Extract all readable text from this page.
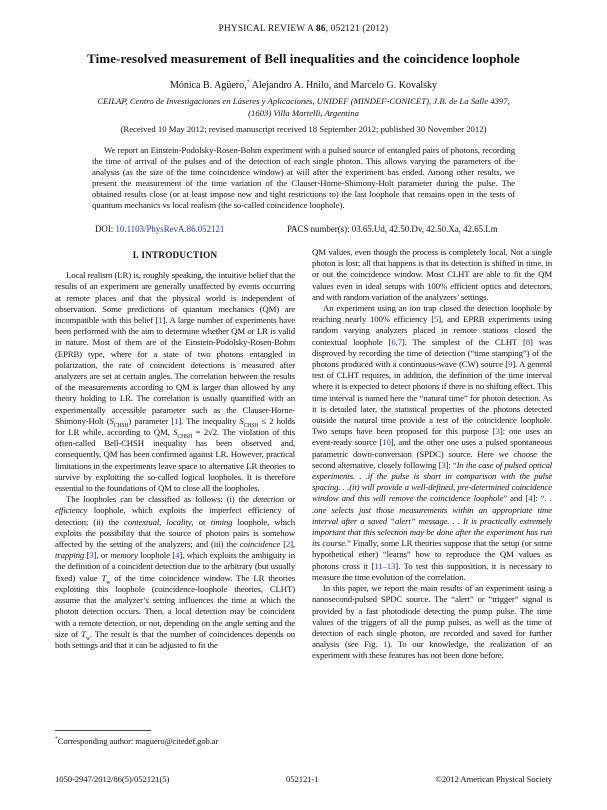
PHYSICAL REVIEW A 86, 052121 (2012)
Time-resolved measurement of Bell inequalities and the coincidence loophole
Mónica B. Agüero,* Alejandro A. Hnilo, and Marcelo G. Kovalsky
CEILAP, Centro de Investigaciones en Láseres y Aplicaciones, UNIDEF (MINDEF-CONICET), J.B. de La Salle 4397,
(1603) Villa Martelli, Argentina
(Received 10 May 2012; revised manuscript received 18 September 2012; published 30 November 2012)
We report an Einstein-Podolsky-Rosen-Bohm experiment with a pulsed source of entangled pairs of photons, recording the time of arrival of the pulses and of the detection of each single photon. This allows varying the parameters of the analysis (as the size of the time coincidence window) at will after the experiment has ended. Among other results, we present the measurement of the time variation of the Clauser-Horne-Shimony-Holt parameter during the pulse. The obtained results close (or at least impose new and tight restrictions to) the last loophole that remains open in the tests of quantum mechanics vs local realism (the so-called coincidence loophole).
DOI: 10.1103/PhysRevA.86.052121	PACS number(s): 03.65.Ud, 42.50.Dv, 42.50.Xa, 42.65.Lm
I. INTRODUCTION

Local realism (LR) is, roughly speaking, the intuitive belief that the results of an experiment are generally unaffected by events occurring at remote places and that the physical world is independent of observation. Some predictions of quantum mechanics (QM) are incompatible with this belief [1]. A large number of experiments have been performed with the aim to determine whether QM or LR is valid in nature. Most of them are of the Einstein-Podolsky-Rosen-Bohm (EPRB) type, where for a state of two photons entangled in polarization, the rate of coincident detections is measured after analyzers are set at certain angles. The correlation between the results of the measurements according to QM is larger than allowed by any theory holding to LR. The correlation is usually quantified with an experimentally accessible parameter such as the Clauser-Horne-Shimony-Holt $(S_{CHSH})$ parameter [1]. The inequality $S_{CHSH} \le 2$ holds for LR while, according to QM, $S_{CHSH} = 2√2$. The violation of this often-called Bell-CHSH inequality has been observed and, consequently, QM has been confirmed against LR. However, practical limitations in the experiments leave space to alternative LR theories to survive by exploiting the so-called logical loopholes. It is therefore essential to the foundations of QM to close all the loopholes.

The loopholes can be classified as follows: (i) the detection or efficiency loophole, which exploits the imperfect efficiency of detection; (ii) the contextual, locality, or timing loophole, which exploits the possibility that the source of photon pairs is somehow affected by the setting of the analyzers; and (iii) the coincidence [2], trapping [3], or memory loophole [4], which exploits the ambiguity in the definition of a coincident detection due to the arbitrary (but usually fixed) value $T_w$ of the time coincidence window. The LR theories exploiting this loophole (coincidence-loophole theories, CLHT) assume that the analyzer’s setting influences the time at which the photon detection occurs. Then, a local detection may be coincident with a remote detection, or not, depending on the angle setting and the size of $T_w$. The result is that the number of coincidences depends on both settings and that it can be adjusted to fit the

*Corresponding author: maguero@citedef.gob.ar

QM values, even though the process is completely local. Not a single photon is lost; all that happens is that its detection is shifted in time, in or out the coincidence window. Most CLHT are able to fit the QM values even in ideal setups with 100% efficient optics and detectors, and with random variation of the analyzers’ settings.

An experiment using an ion trap closed the detection loophole by reaching nearly 100% efficiency [5], and EPRB experiments using random varying analyzers placed in remote stations closed the contextual loophole [6,7]. The simplest of the CLHT [8] was disproved by recording the time of detection (“time stamping”) of the photons produced with a continuous-wave (CW) source [9]. A general test of CLHT requires, in addition, the definition of the time interval where it is expected to detect photons if there is no shifting effect. This time interval is named here the “natural time” for photon detection. As it is detailed later, the statistical properties of the photons detected outside the natural time provide a test of the coincidence loophole. Two setups have been proposed for this purpose [3]: one uses an event-ready source [10], and the other one uses a pulsed spontaneous parametric down-conversion (SPDC) source. Here we choose the second alternative, closely following [3]: “In the case of pulsed optical experiments. . .if the pulse is short in comparison with the pulse spacing. . .(it) will provide a well-defined, pre-determined coincidence window and this will remove the coincidence loophole” and [4]: “. . .one selects just those measurements within an appropriate time interval after a saved “alert” message. . . It is practically extremely important that this selection may be done after the experiment has run its course.” Finally, some LR theories suppose that the setup (or some hypothetical ether) “learns” how to reproduce the QM values as photons cross it [11–13]. To test this supposition, it is necessary to measure the time evolution of the correlation.

In this paper, we report the main results of an experiment using a nanosecond-pulsed SPDC source. The “alert” or “trigger” signal is provided by a fast photodiode detecting the pump pulse. The time values of the triggers of all the pump pulses, as well as the time of detection of each single photon, are recorded and saved for further analysis (see Fig. 1). To our knowledge, the realization of an experiment with these features has not been done before.

1050-2947/2012/86(5)/052121(5)	052121-1	©2012 American Physical Society
